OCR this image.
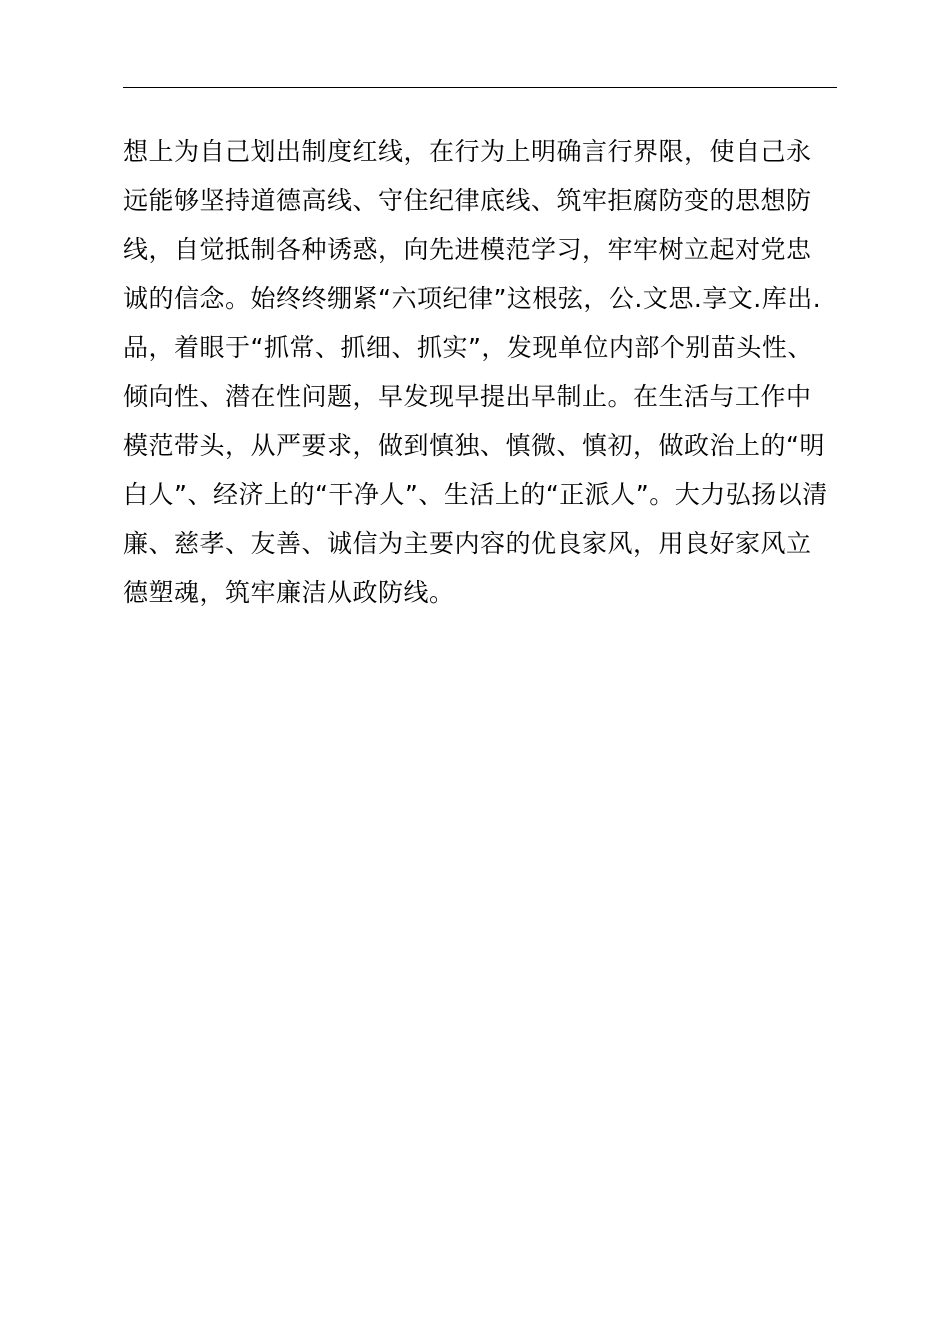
想上为自己划出制度红线，在行为上明确言行界限，使自己永
远能够坚持道德高线、守住纪律底线、筑牢拒腐防变的思想防
线，自觉抵制各种诱惑，向先进模范学习，牢牢树立起对党忠
诚的信念。始终终绷紧“六项纪律”这根弦，公.文思.享文.库出.
品，着眼于“抓常、抓细、抓实”，发现单位内部个别苗头性、
倾向性、潜在性问题，早发现早提出早制止。在生活与工作中
模范带头，从严要求，做到慎独、慎微、慎初，做政治上的“明
白人”、经济上的“干净人”、生活上的“正派人”。大力弘扬以清
廉、慈孝、友善、诚信为主要内容的优良家风，用良好家风立
德塑魂，筑牢廉洁从政防线。
